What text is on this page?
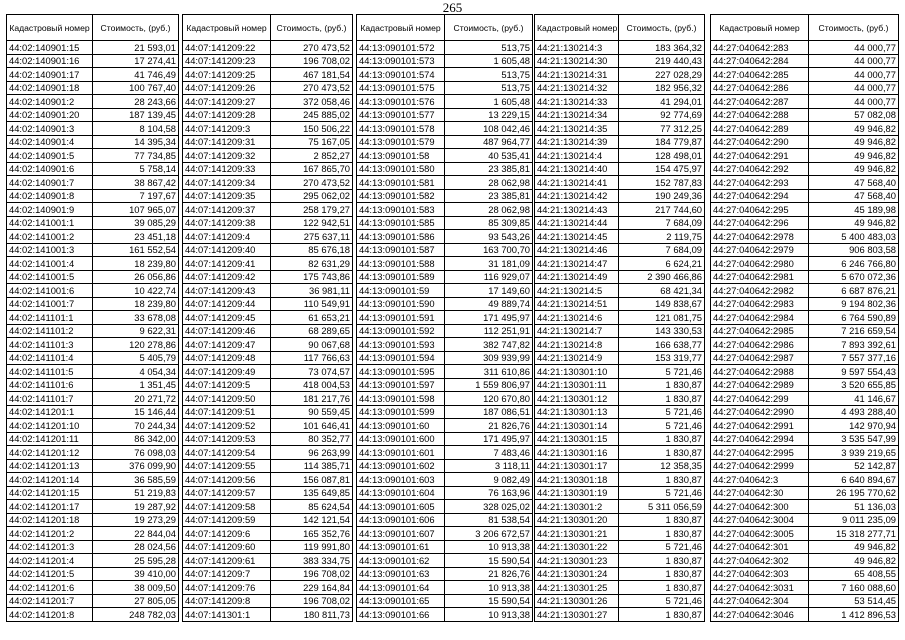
265
Кадастровый номер	Стоимость, (руб.)
44:02:140901:15	21 593,01
44:02:140901:16	17 274,41
44:02:140901:17	41 746,49
44:02:140901:18	100 767,40
44:02:140901:2	28 243,66
44:02:140901:20	187 139,45
44:02:140901:3	8 104,58
44:02:140901:4	14 395,34
44:02:140901:5	77 734,85
44:02:140901:6	5 758,14
44:02:140901:7	38 867,42
44:02:140901:8	7 197,67
44:02:140901:9	107 965,07
44:02:141001:1	39 085,29
44:02:141001:2	23 451,18
44:02:141001:3	161 552,54
44:02:141001:4	18 239,80
44:02:141001:5	26 056,86
44:02:141001:6	10 422,74
44:02:141001:7	18 239,80
44:02:141101:1	33 678,08
44:02:141101:2	9 622,31
44:02:141101:3	120 278,86
44:02:141101:4	5 405,79
44:02:141101:5	4 054,34
44:02:141101:6	1 351,45
44:02:141101:7	20 271,72
44:02:141201:1	15 146,44
44:02:141201:10	70 244,34
44:02:141201:11	86 342,00
44:02:141201:12	76 098,03
44:02:141201:13	376 099,90
44:02:141201:14	36 585,59
44:02:141201:15	51 219,83
44:02:141201:17	19 287,92
44:02:141201:18	19 273,29
44:02:141201:2	22 844,04
44:02:141201:3	28 024,56
44:02:141201:4	25 595,28
44:02:141201:5	39 410,00
44:02:141201:6	38 009,50
44:02:141201:7	27 805,05
44:02:141201:8	248 782,03
Кадастровый номер	Стоимость, (руб.)
44:07:141209:22	270 473,52
44:07:141209:23	196 708,02
44:07:141209:25	467 181,54
44:07:141209:26	270 473,52
44:07:141209:27	372 058,46
44:07:141209:28	245 885,02
44:07:141209:3	150 506,22
44:07:141209:31	75 167,05
44:07:141209:32	2 852,27
44:07:141209:33	167 865,70
44:07:141209:34	270 473,52
44:07:141209:35	295 062,02
44:07:141209:37	258 179,27
44:07:141209:38	122 942,51
44:07:141209:4	275 637,11
44:07:141209:40	85 676,18
44:07:141209:41	82 631,29
44:07:141209:42	175 743,86
44:07:141209:43	36 981,11
44:07:141209:44	110 549,91
44:07:141209:45	61 653,21
44:07:141209:46	68 289,65
44:07:141209:47	90 067,68
44:07:141209:48	117 766,63
44:07:141209:49	73 074,57
44:07:141209:5	418 004,53
44:07:141209:50	181 217,76
44:07:141209:51	90 559,45
44:07:141209:52	101 646,41
44:07:141209:53	80 352,77
44:07:141209:54	96 263,99
44:07:141209:55	114 385,71
44:07:141209:56	156 087,81
44:07:141209:57	135 649,85
44:07:141209:58	85 624,54
44:07:141209:59	142 121,54
44:07:141209:6	165 352,76
44:07:141209:60	119 991,80
44:07:141209:61	383 334,75
44:07:141209:7	196 708,02
44:07:141209:76	229 164,84
44:07:141209:8	196 708,02
44:07:141301:1	180 811,73
Кадастровый номер	Стоимость, (руб.)
44:13:090101:572	513,75
44:13:090101:573	1 605,48
44:13:090101:574	513,75
44:13:090101:575	513,75
44:13:090101:576	1 605,48
44:13:090101:577	13 229,15
44:13:090101:578	108 042,46
44:13:090101:579	487 964,77
44:13:090101:58	40 535,41
44:13:090101:580	23 385,81
44:13:090101:581	28 062,98
44:13:090101:582	23 385,81
44:13:090101:583	28 062,98
44:13:090101:585	85 309,85
44:13:090101:586	93 543,26
44:13:090101:587	163 700,70
44:13:090101:588	31 181,09
44:13:090101:589	116 929,07
44:13:090101:59	17 149,60
44:13:090101:590	49 889,74
44:13:090101:591	171 495,97
44:13:090101:592	112 251,91
44:13:090101:593	382 747,82
44:13:090101:594	309 939,99
44:13:090101:595	311 610,86
44:13:090101:597	1 559 806,97
44:13:090101:598	120 670,80
44:13:090101:599	187 086,51
44:13:090101:60	21 826,76
44:13:090101:600	171 495,97
44:13:090101:601	7 483,46
44:13:090101:602	3 118,11
44:13:090101:603	9 082,49
44:13:090101:604	76 163,96
44:13:090101:605	328 025,02
44:13:090101:606	81 538,54
44:13:090101:607	3 206 672,57
44:13:090101:61	10 913,38
44:13:090101:62	15 590,54
44:13:090101:63	21 826,76
44:13:090101:64	10 913,38
44:13:090101:65	15 590,54
44:13:090101:66	10 913,38
Кадастровый номер	Стоимость, (руб.)
44:21:130214:3	183 364,32
44:21:130214:30	219 440,43
44:21:130214:31	227 028,29
44:21:130214:32	182 956,32
44:21:130214:33	41 294,01
44:21:130214:34	92 774,69
44:21:130214:35	77 312,25
44:21:130214:39	184 779,87
44:21:130214:4	128 498,01
44:21:130214:40	154 475,97
44:21:130214:41	152 787,83
44:21:130214:42	190 249,36
44:21:130214:43	217 744,60
44:21:130214:44	7 684,09
44:21:130214:45	2 119,75
44:21:130214:46	7 684,09
44:21:130214:47	6 624,21
44:21:130214:49	2 390 466,86
44:21:130214:5	68 421,34
44:21:130214:51	149 838,67
44:21:130214:6	121 081,75
44:21:130214:7	143 330,53
44:21:130214:8	166 638,77
44:21:130214:9	153 319,77
44:21:130301:10	5 721,46
44:21:130301:11	1 830,87
44:21:130301:12	1 830,87
44:21:130301:13	5 721,46
44:21:130301:14	5 721,46
44:21:130301:15	1 830,87
44:21:130301:16	1 830,87
44:21:130301:17	12 358,35
44:21:130301:18	1 830,87
44:21:130301:19	5 721,46
44:21:130301:2	5 311 056,59
44:21:130301:20	1 830,87
44:21:130301:21	1 830,87
44:21:130301:22	5 721,46
44:21:130301:23	1 830,87
44:21:130301:24	1 830,87
44:21:130301:25	1 830,87
44:21:130301:26	5 721,46
44:21:130301:27	1 830,87
Кадастровый номер	Стоимость, (руб.)
44:27:040642:283	44 000,77
44:27:040642:284	44 000,77
44:27:040642:285	44 000,77
44:27:040642:286	44 000,77
44:27:040642:287	44 000,77
44:27:040642:288	57 082,08
44:27:040642:289	49 946,82
44:27:040642:290	49 946,82
44:27:040642:291	49 946,82
44:27:040642:292	49 946,82
44:27:040642:293	47 568,40
44:27:040642:294	47 568,40
44:27:040642:295	45 189,98
44:27:040642:296	49 946,82
44:27:040642:2978	5 400 483,03
44:27:040642:2979	906 803,58
44:27:040642:2980	6 246 766,80
44:27:040642:2981	5 670 072,36
44:27:040642:2982	6 687 876,21
44:27:040642:2983	9 194 802,36
44:27:040642:2984	6 764 590,89
44:27:040642:2985	7 216 659,54
44:27:040642:2986	7 893 392,61
44:27:040642:2987	7 557 377,16
44:27:040642:2988	9 597 554,43
44:27:040642:2989	3 520 655,85
44:27:040642:299	41 146,67
44:27:040642:2990	4 493 288,40
44:27:040642:2991	142 970,94
44:27:040642:2994	3 535 547,99
44:27:040642:2995	3 939 219,65
44:27:040642:2999	52 142,87
44:27:040642:3	6 640 894,67
44:27:040642:30	26 195 770,62
44:27:040642:300	51 136,03
44:27:040642:3004	9 011 235,09
44:27:040642:3005	15 318 277,71
44:27:040642:301	49 946,82
44:27:040642:302	49 946,82
44:27:040642:303	65 408,55
44:27:040642:3031	7 160 088,60
44:27:040642:304	53 514,45
44:27:040642:3046	1 412 896,53
